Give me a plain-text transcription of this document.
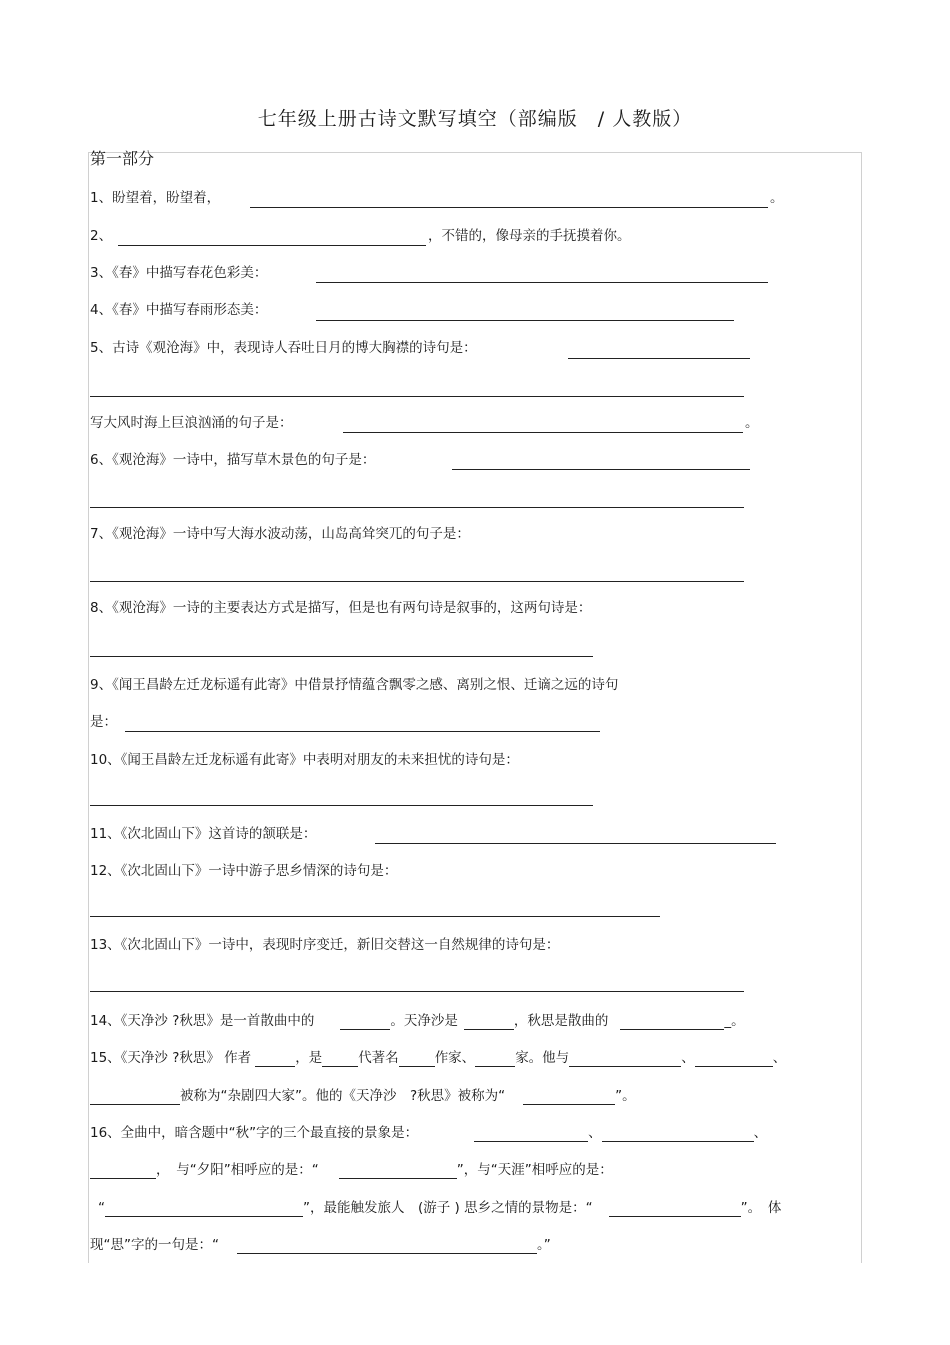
七年级上册古诗文默写填空（部编版　/ 人教版）
第一部分
1、盼望着，盼望着，	。
2、	，不错的，像母亲的手抚摸着你。
3、《春》中描写春花色彩美：
4、《春》中描写春雨形态美：
5、古诗《观沧海》中，表现诗人吞吐日月的博大胸襟的诗句是：
写大风时海上巨浪汹涌的句子是：	。
6、《观沧海》一诗中，描写草木景色的句子是：
7、《观沧海》一诗中写大海水波动荡，山岛高耸突兀的句子是：
8、《观沧海》一诗的主要表达方式是描写，但是也有两句诗是叙事的，这两句诗是：
9、《闻王昌龄左迁龙标遥有此寄》中借景抒情蕴含飘零之感、离别之恨、迁谪之远的诗句
是：
10、《闻王昌龄左迁龙标遥有此寄》中表明对朋友的未来担忧的诗句是：
11、《次北固山下》这首诗的颔联是：
12、《次北固山下》一诗中游子思乡情深的诗句是：
13、《次北固山下》一诗中，表现时序变迁，新旧交替这一自然规律的诗句是：
14、《天净沙 ?秋思》是一首散曲中的	。天净沙是	，秋思是散曲的	_。
15、《天净沙 ?秋思》 作者	，是	代著名	作家、	家。他与	、	、
被称为“杂剧四大家”。他的《天净沙　?秋思》被称为“	”。
16、全曲中，暗含题中“秋”字的三个最直接的景象是：	、	、
，　与“夕阳”相呼应的是：“	”，与“天涯”相呼应的是：
“	”，最能触发旅人　(游子 ) 思乡之情的景物是：“	”。　体
现“思”字的一句是：“	。”
